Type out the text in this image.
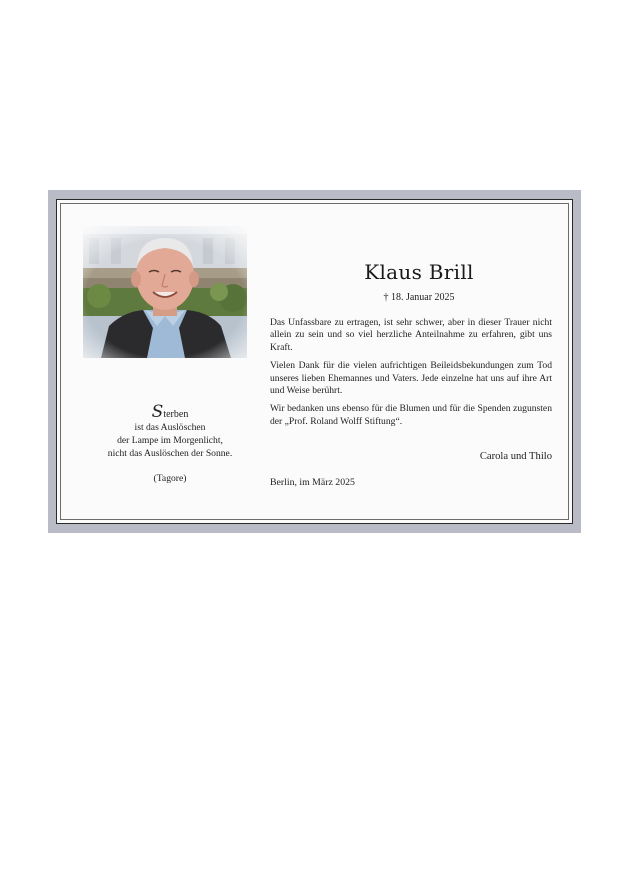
Sterben
ist das Auslöschen
der Lampe im Morgenlicht,
nicht das Auslöschen der Sonne.
(Tagore)
Klaus Brill
† 18. Januar 2025

Das Unfassbare zu ertragen, ist sehr schwer, aber in dieser Trauer nicht allein zu sein und so viel herzliche Anteilnahme zu erfahren, gibt uns Kraft.

Vielen Dank für die vielen aufrichtigen Beileidsbekundungen zum Tod unseres lieben Ehemannes und Vaters. Jede einzelne hat uns auf ihre Art und Weise berührt.

Wir bedanken uns ebenso für die Blumen und für die Spenden zugunsten der „Prof. Roland Wolff Stiftung“.

Carola und Thilo
Berlin, im März 2025
